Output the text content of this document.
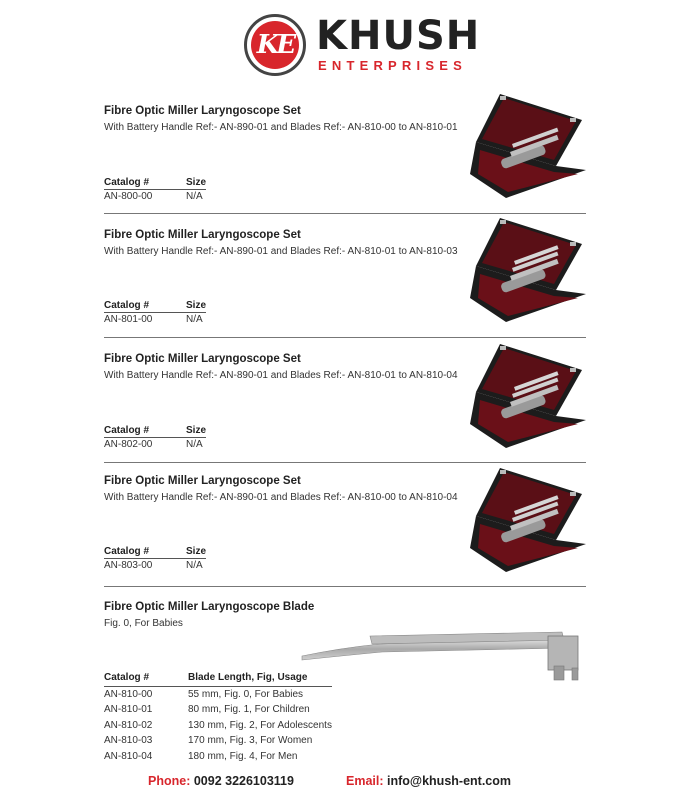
KE KHUSH
ENTERPRISES
Fibre Optic Miller Laryngoscope Set
With Battery Handle Ref:- AN-890-01 and Blades Ref:- AN-810-00 to AN-810-01
Catalog #	Size
AN-800-00	N/A
Fibre Optic Miller Laryngoscope Set
With Battery Handle Ref:- AN-890-01 and Blades Ref:- AN-810-01 to AN-810-03
Catalog #	Size
AN-801-00	N/A
Fibre Optic Miller Laryngoscope Set
With Battery Handle Ref:- AN-890-01 and Blades Ref:- AN-810-01 to AN-810-04
Catalog #	Size
AN-802-00	N/A
Fibre Optic Miller Laryngoscope Set
With Battery Handle Ref:- AN-890-01 and Blades Ref:- AN-810-00 to AN-810-04
Catalog #	Size
AN-803-00	N/A
Fibre Optic Miller Laryngoscope Blade
Fig. 0, For Babies
Catalog #	Blade Length, Fig, Usage
AN-810-00	55 mm, Fig. 0, For Babies
AN-810-01	80 mm, Fig. 1, For Children
AN-810-02	130 mm, Fig. 2, For Adolescents
AN-810-03	170 mm, Fig. 3, For Women
AN-810-04	180 mm, Fig. 4, For Men
Phone: 0092 3226103119	Email: info@khush-ent.com
